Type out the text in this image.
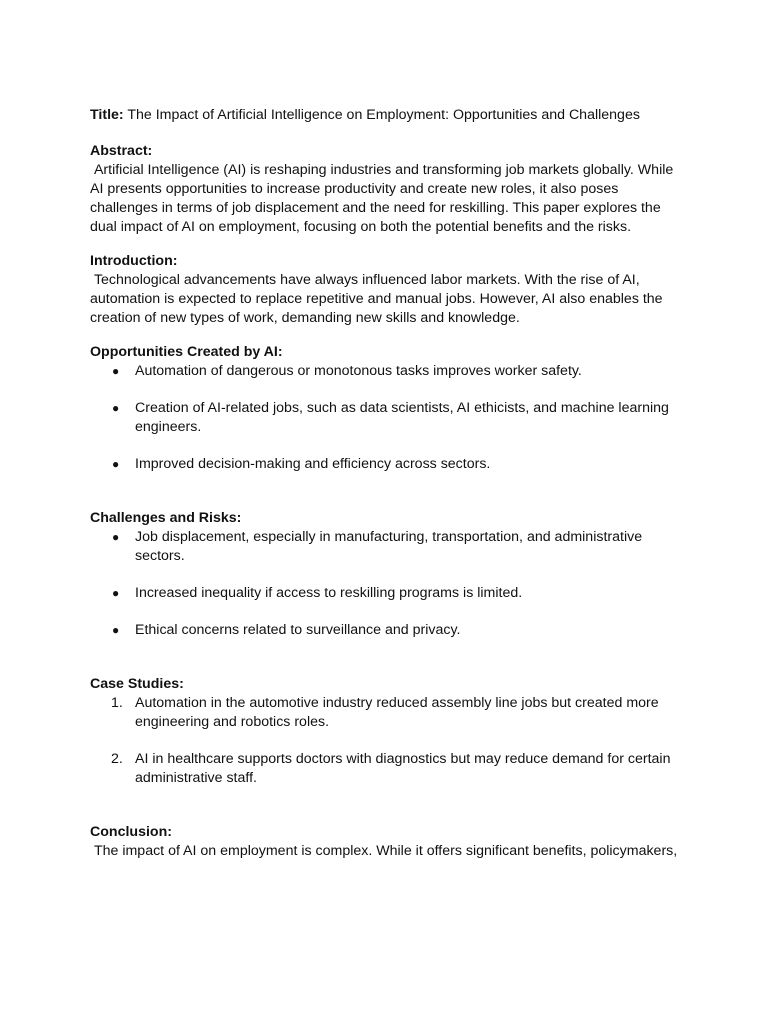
Title: The Impact of Artificial Intelligence on Employment: Opportunities and Challenges

Abstract:

Artificial Intelligence (AI) is reshaping industries and transforming job markets globally. While AI presents opportunities to increase productivity and create new roles, it also poses challenges in terms of job displacement and the need for reskilling. This paper explores the dual impact of AI on employment, focusing on both the potential benefits and the risks.

Introduction:

Technological advancements have always influenced labor markets. With the rise of AI, automation is expected to replace repetitive and manual jobs. However, AI also enables the creation of new types of work, demanding new skills and knowledge.

Opportunities Created by AI:
● Automation of dangerous or monotonous tasks improves worker safety.
● Creation of AI-related jobs, such as data scientists, AI ethicists, and machine learning engineers.
● Improved decision-making and efficiency across sectors.
Challenges and Risks:
● Job displacement, especially in manufacturing, transportation, and administrative sectors.
● Increased inequality if access to reskilling programs is limited.
● Ethical concerns related to surveillance and privacy.
Case Studies:
1. Automation in the automotive industry reduced assembly line jobs but created more engineering and robotics roles.
2. AI in healthcare supports doctors with diagnostics but may reduce demand for certain administrative staff.
Conclusion:

The impact of AI on employment is complex. While it offers significant benefits, policymakers,
